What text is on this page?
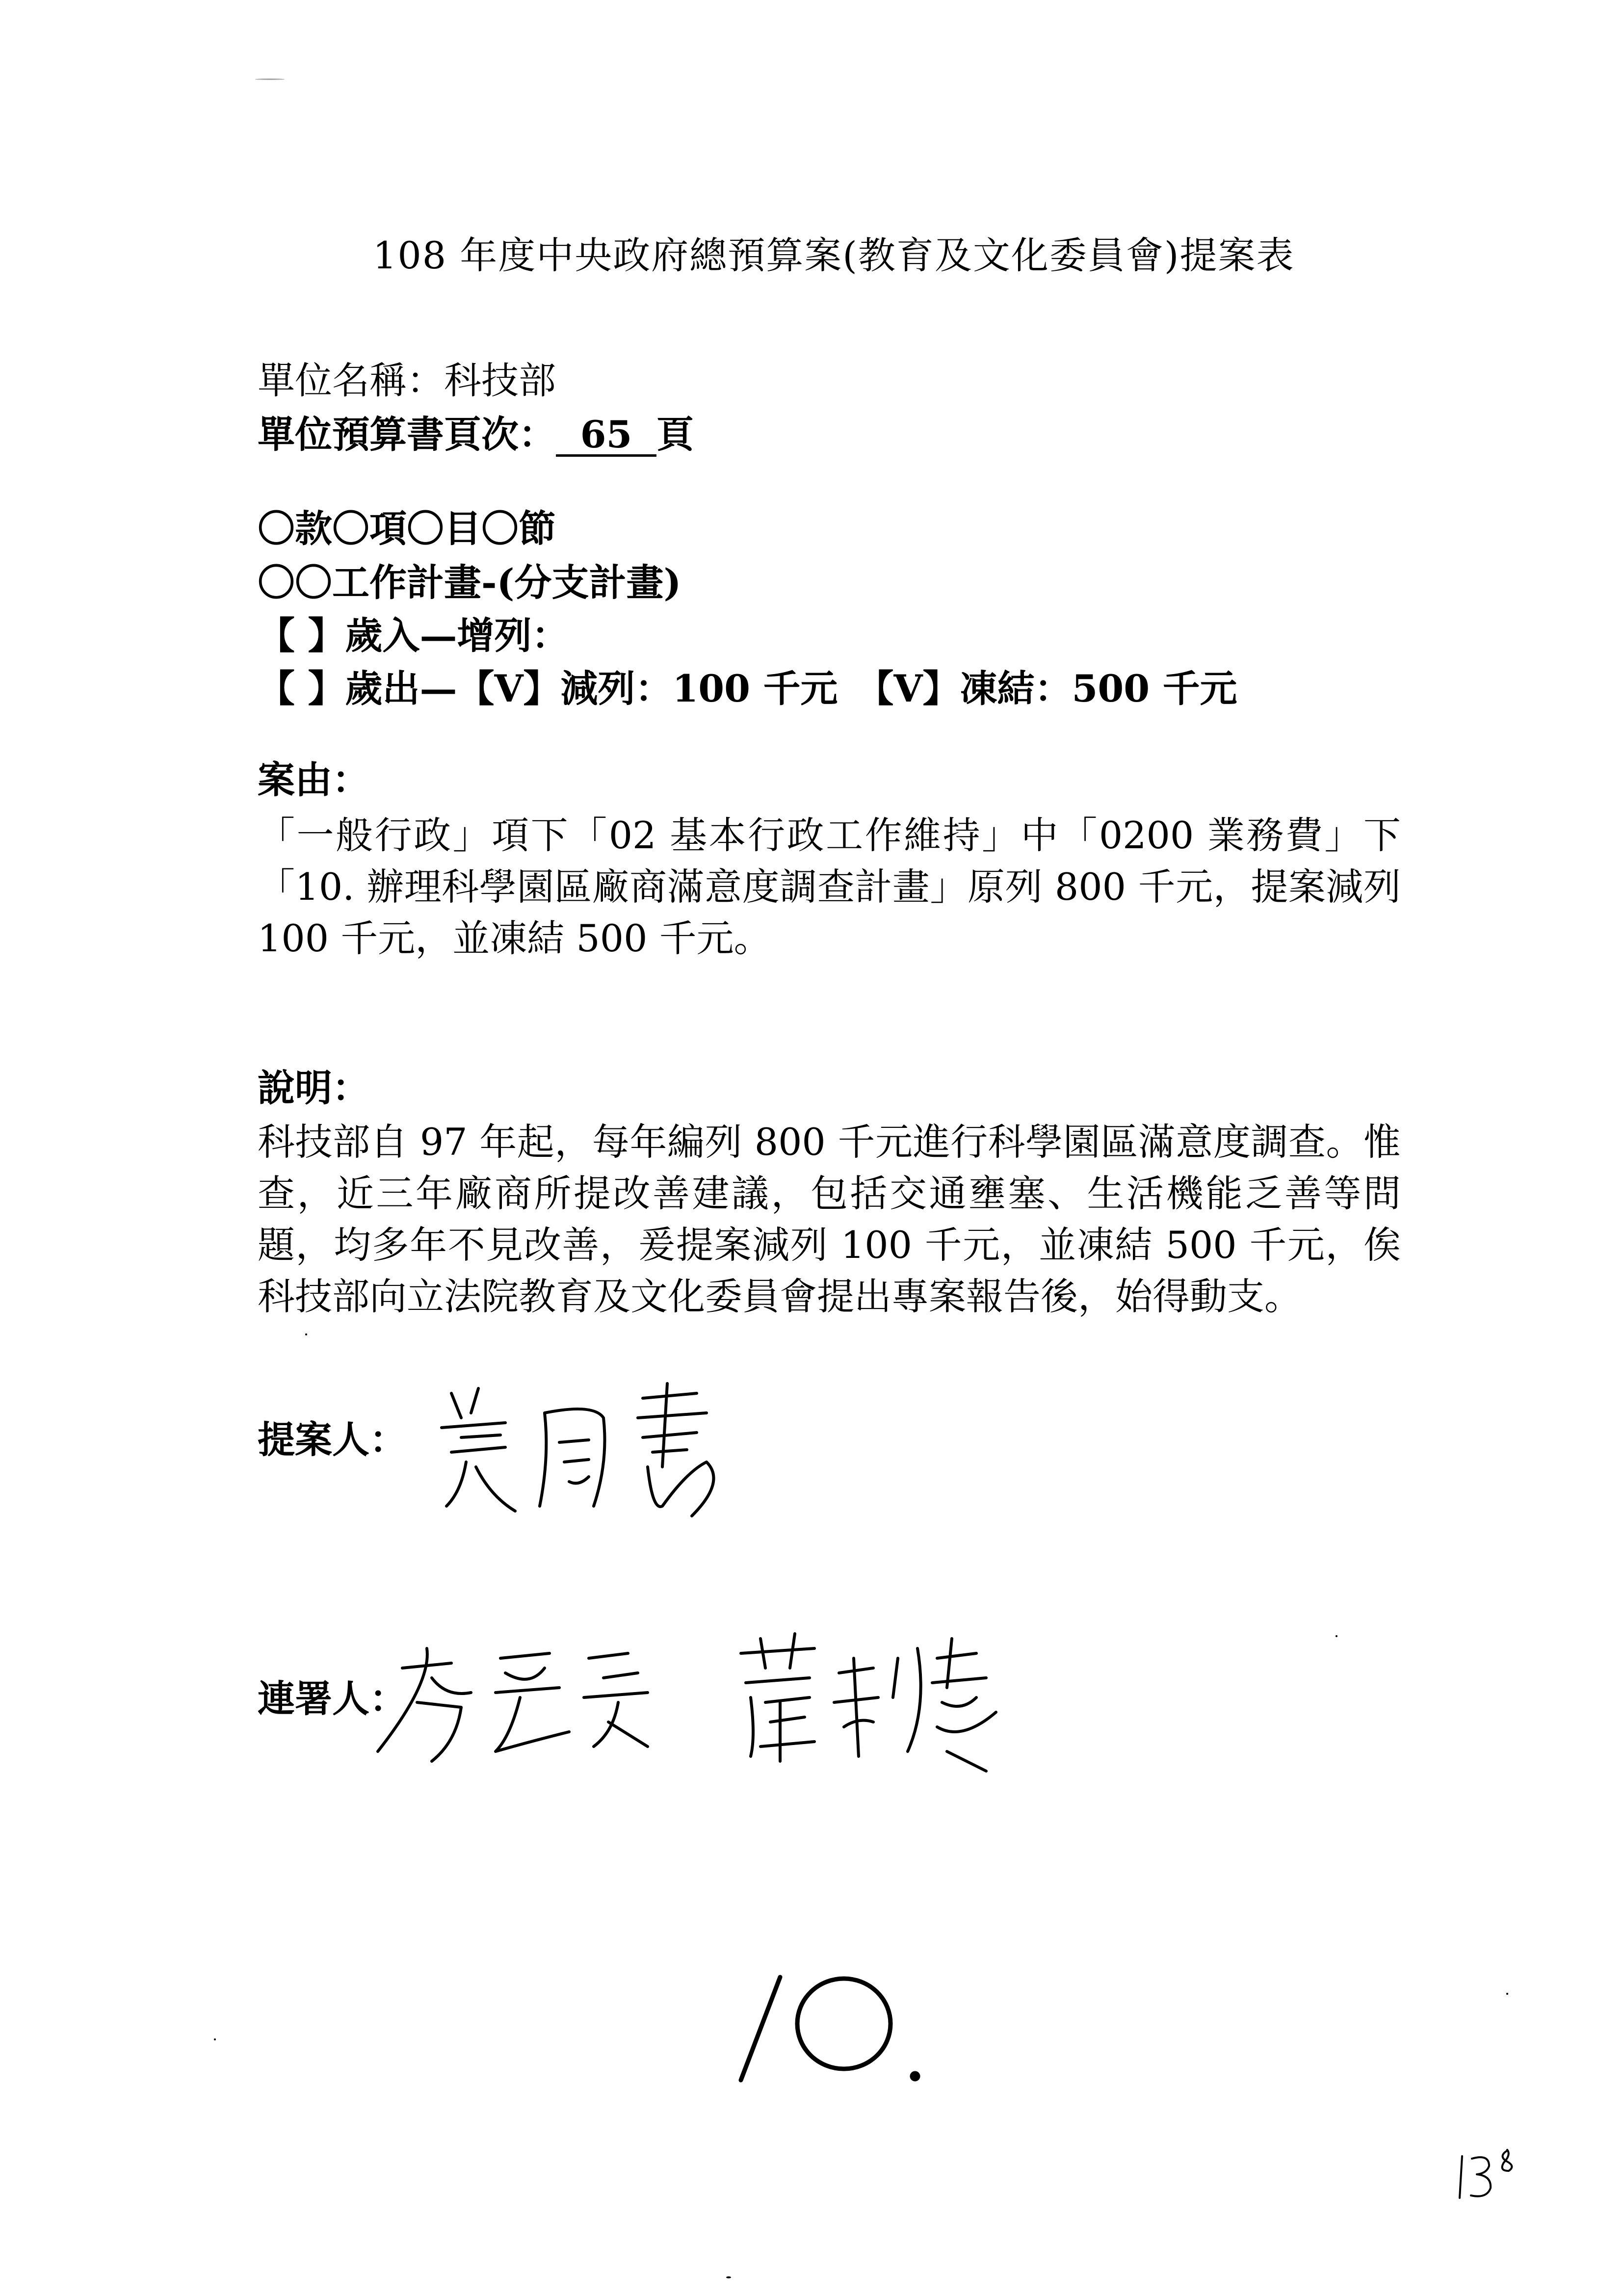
108 年度中央政府總預算案(教育及文化委員會)提案表
單位名稱：科技部
單位預算書頁次： 65 頁
〇款〇項〇目〇節
〇〇工作計畫-(分支計畫)
【 】歲入—增列：
【 】歲出—【V】減列：100 千元　【V】凍結：500 千元
案由：
「一般行政」項下「02 基本行政工作維持」中「0200 業務費」下「10. 辦理科學園區廠商滿意度調查計畫」原列 800 千元，提案減列 100 千元，並凍結 500 千元。
說明：
科技部自 97 年起，每年編列 800 千元進行科學園區滿意度調查。惟查，近三年廠商所提改善建議，包括交通壅塞、生活機能乏善等問題，均多年不見改善，爰提案減列 100 千元，並凍結 500 千元，俟科技部向立法院教育及文化委員會提出專案報告後，始得動支。
提案人：
連署人：
